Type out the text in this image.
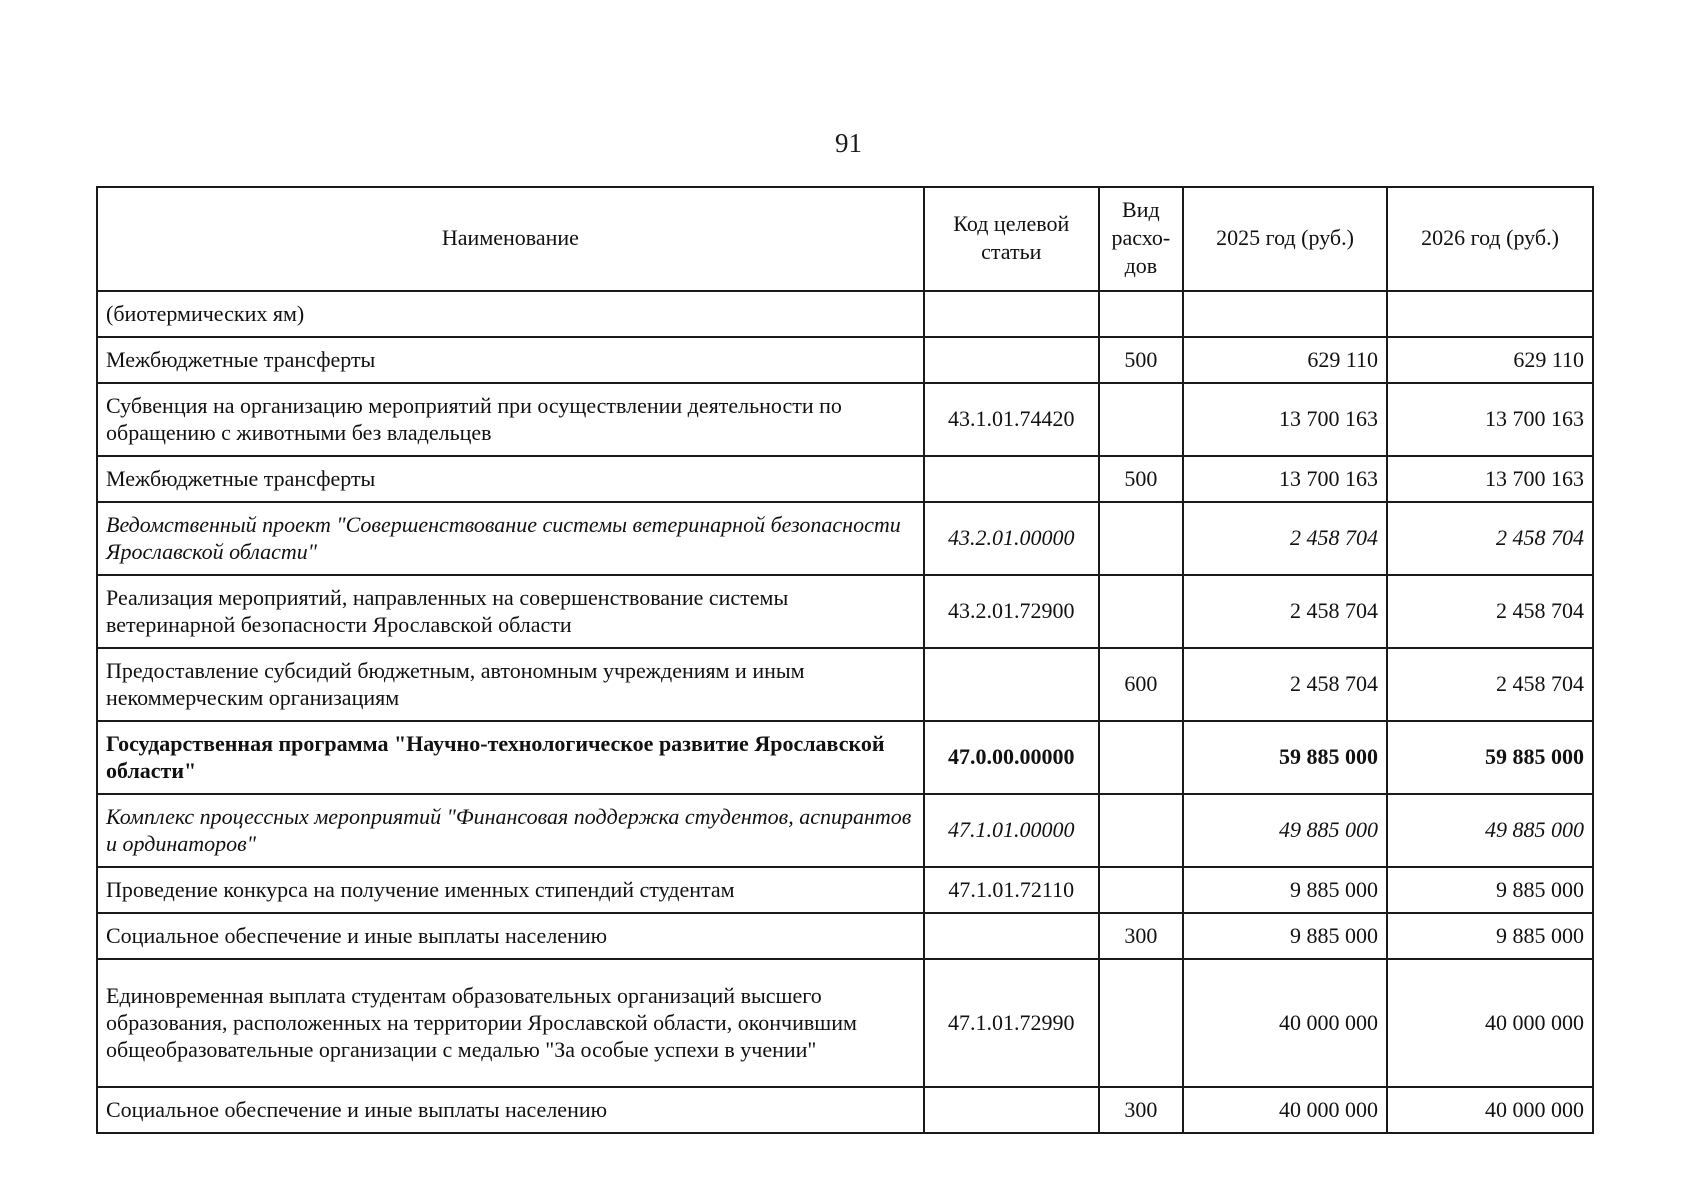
91
Наименование	Код целевой статьи	Вид расхо-дов	2025 год (руб.)	2026 год (руб.)
(биотермических ям)				
Межбюджетные трансферты		500	629 110	629 110
Субвенция на организацию мероприятий при осуществлении деятельности по обращению с животными без владельцев	43.1.01.74420		13 700 163	13 700 163
Межбюджетные трансферты		500	13 700 163	13 700 163
Ведомственный проект "Совершенствование системы ветеринарной безопасности Ярославской области"	43.2.01.00000		2 458 704	2 458 704
Реализация мероприятий, направленных на совершенствование системы ветеринарной безопасности Ярославской области	43.2.01.72900		2 458 704	2 458 704
Предоставление субсидий бюджетным, автономным учреждениям и иным некоммерческим организациям		600	2 458 704	2 458 704
Государственная программа "Научно-технологическое развитие Ярославской области"	47.0.00.00000		59 885 000	59 885 000
Комплекс процессных мероприятий "Финансовая поддержка студентов, аспирантов и ординаторов"	47.1.01.00000		49 885 000	49 885 000
Проведение конкурса на получение именных стипендий студентам	47.1.01.72110		9 885 000	9 885 000
Социальное обеспечение и иные выплаты населению		300	9 885 000	9 885 000
Единовременная выплата студентам образовательных организаций высшего образования, расположенных на территории Ярославской области, окончившим общеобразовательные организации с медалью "За особые успехи в учении"	47.1.01.72990		40 000 000	40 000 000
Социальное обеспечение и иные выплаты населению		300	40 000 000	40 000 000
